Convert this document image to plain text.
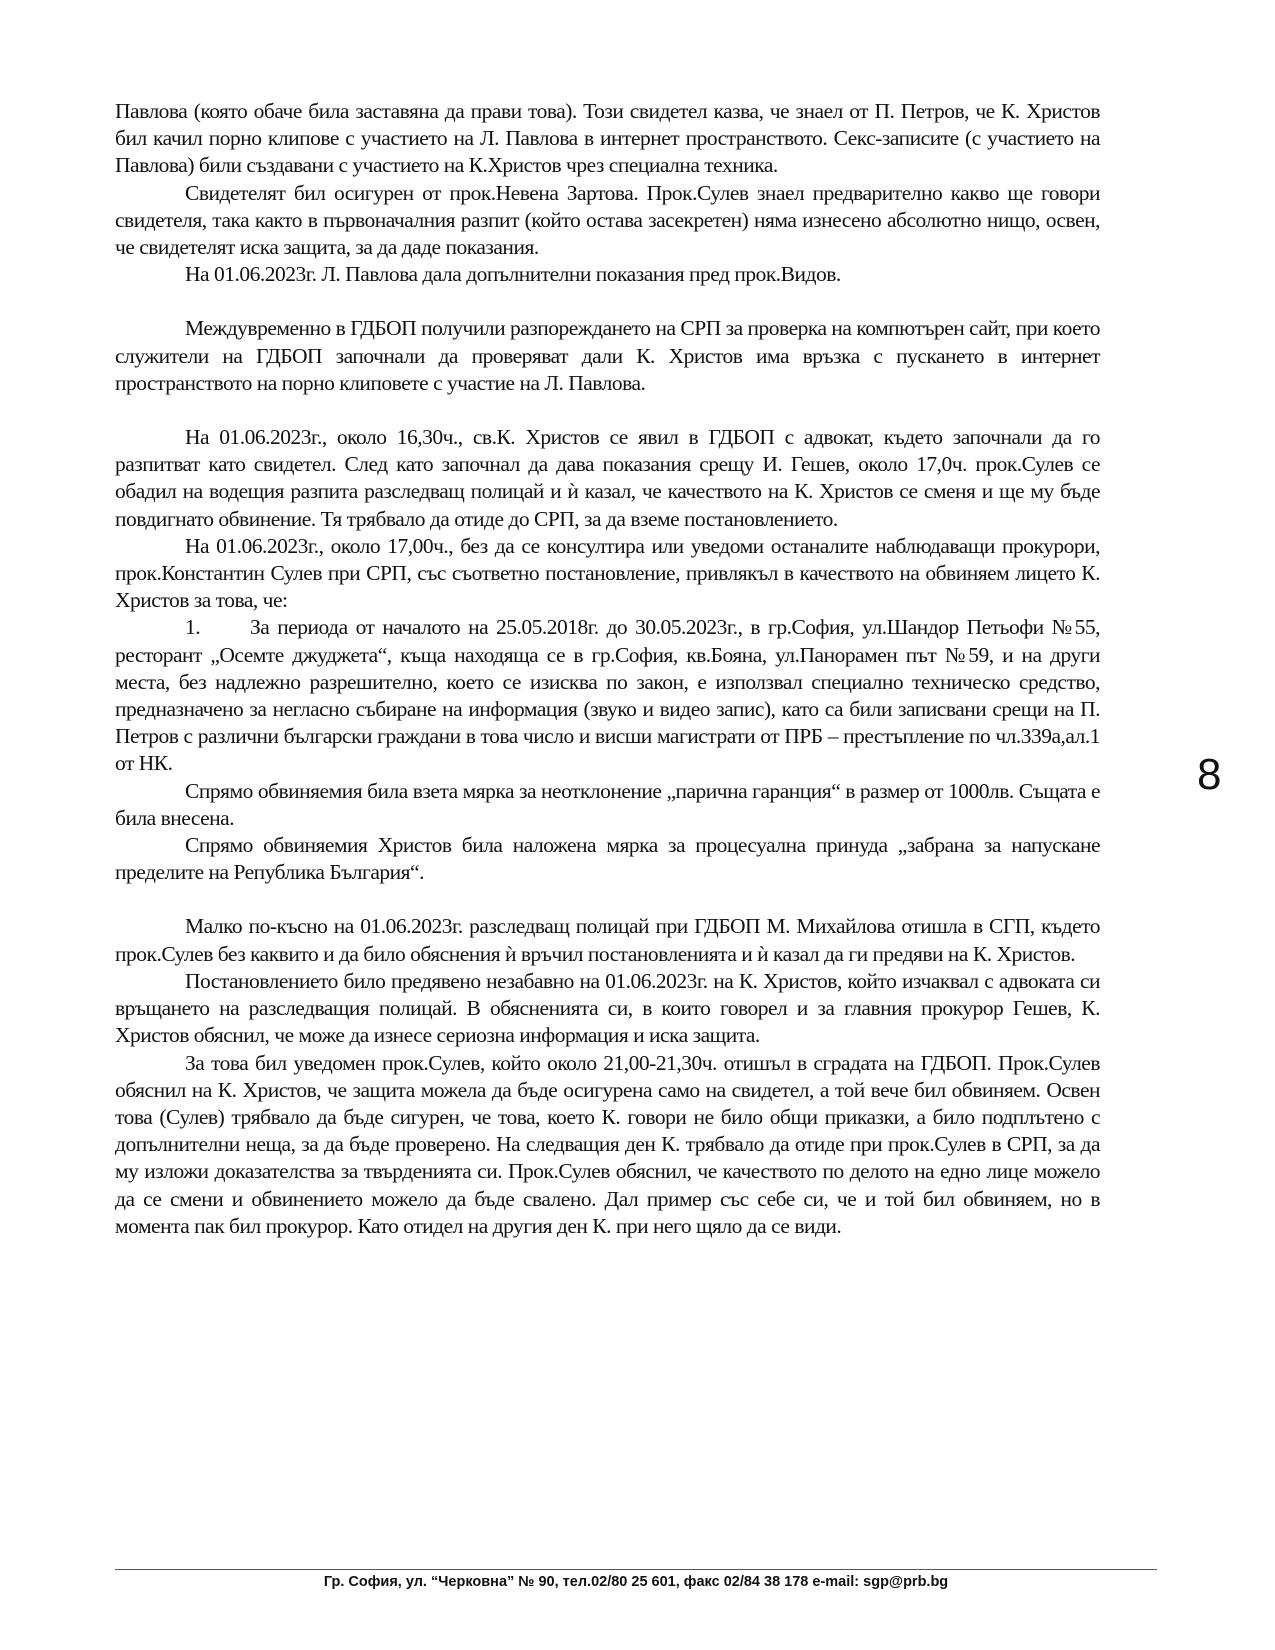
Павлова (която обаче била заставяна да прави това). Този свидетел казва, че знаел от П. Петров, че К. Христов бил качил порно клипове с участието на Л. Павлова в интернет пространството. Секс-записите (с участието на Павлова) били създавани с участието на К.Христов чрез специална техника.

Свидетелят бил осигурен от прок.Невена Зартова. Прок.Сулев знаел предварително какво ще говори свидетеля, така както в първоначалния разпит (който остава засекретен) няма изнесено абсолютно нищо, освен, че свидетелят иска защита, за да даде показания.

На 01.06.2023г. Л. Павлова дала допълнителни показания пред прок.Видов.

Междувременно в ГДБОП получили разпореждането на СРП за проверка на компютърен сайт, при което служители на ГДБОП започнали да проверяват дали К. Христов има връзка с пускането в интернет пространството на порно клиповете с участие на Л. Павлова.

На 01.06.2023г., около 16,30ч., св.К. Христов се явил в ГДБОП с адвокат, където започнали да го разпитват като свидетел. След като започнал да дава показания срещу И. Гешев, около 17,0ч. прок.Сулев се обадил на водещия разпита разследващ полицай и ѝ казал, че качеството на К. Христов се сменя и ще му бъде повдигнато обвинение. Тя трябвало да отиде до СРП, за да вземе постановлението.

На 01.06.2023г., около 17,00ч., без да се консултира или уведоми останалите наблюдаващи прокурори, прок.Константин Сулев при СРП, със съответно постановление, привлякъл в качеството на обвиняем лицето К. Христов за това, че:

1. За периода от началото на 25.05.2018г. до 30.05.2023г., в гр.София, ул.Шандор Петьофи №55, ресторант „Осемте джуджета“, къща находяща се в гр.София, кв.Бояна, ул.Панорамен път №59, и на други места, без надлежно разрешително, което се изисква по закон, е използвал специално техническо средство, предназначено за негласно събиране на информация (звуко и видео запис), като са били записвани срещи на П. Петров с различни български граждани в това число и висши магистрати от ПРБ – престъпление по чл.339а,ал.1 от НК.

Спрямо обвиняемия била взета мярка за неотклонение „парична гаранция“ в размер от 1000лв. Същата е била внесена.

Спрямо обвиняемия Христов била наложена мярка за процесуална принуда „забрана за напускане пределите на Република България“.

Малко по-късно на 01.06.2023г. разследващ полицай при ГДБОП М. Михайлова отишла в СГП, където прок.Сулев без каквито и да било обяснения ѝ връчил постановленията и ѝ казал да ги предяви на К. Христов.

Постановлението било предявено незабавно на 01.06.2023г. на К. Христов, който изчаквал с адвоката си връщането на разследващия полицай. В обясненията си, в които говорел и за главния прокурор Гешев, К. Христов обяснил, че може да изнесе сериозна информация и иска защита.

За това бил уведомен прок.Сулев, който около 21,00-21,30ч. отишъл в сградата на ГДБОП. Прок.Сулев обяснил на К. Христов, че защита можела да бъде осигурена само на свидетел, а той вече бил обвиняем. Освен това (Сулев) трябвало да бъде сигурен, че това, което К. говори не било общи приказки, а било подплътено с допълнителни неща, за да бъде проверено. На следващия ден К. трябвало да отиде при прок.Сулев в СРП, за да му изложи доказателства за твърденията си. Прок.Сулев обяснил, че качеството по делото на едно лице можело да се смени и обвинението можело да бъде свалено. Дал пример със себе си, че и той бил обвиняем, но в момента пак бил прокурор. Като отидел на другия ден К. при него щяло да се види.

8
Гр. София, ул. “Черковна” № 90, тел.02/80 25 601, факс 02/84 38 178 e-mail: sgp@prb.bg
